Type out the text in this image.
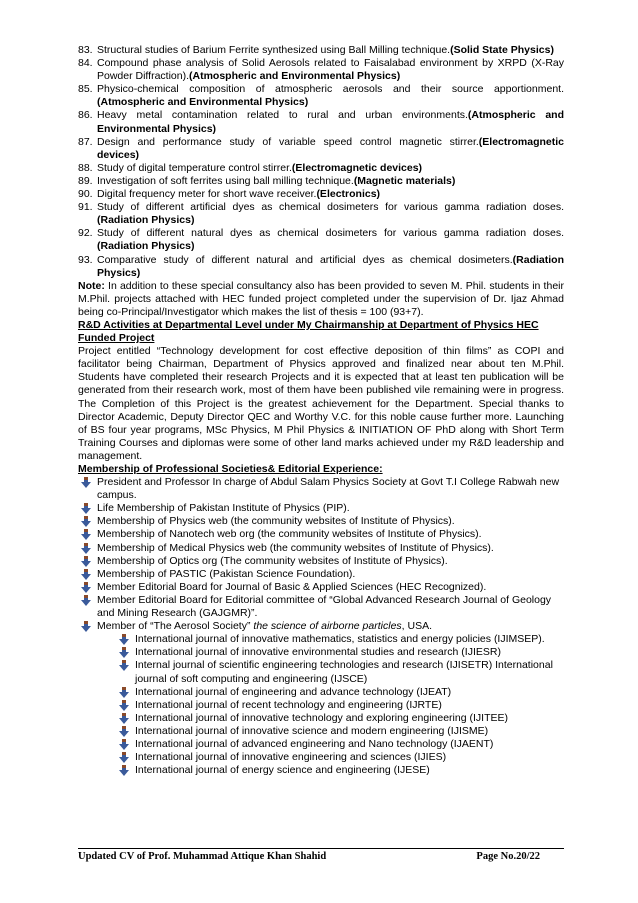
83. Structural studies of Barium Ferrite synthesized using Ball Milling technique.(Solid State Physics)
84. Compound phase analysis of Solid Aerosols related to Faisalabad environment by XRPD (X-Ray Powder Diffraction).(Atmospheric and Environmental Physics)
85. Physico-chemical composition of atmospheric aerosols and their source apportionment.(Atmospheric and Environmental Physics)
86. Heavy metal contamination related to rural and urban environments.(Atmospheric and Environmental Physics)
87. Design and performance study of variable speed control magnetic stirrer.(Electromagnetic devices)
88. Study of digital temperature control stirrer.(Electromagnetic devices)
89. Investigation of soft ferrites using ball milling technique.(Magnetic materials)
90. Digital frequency meter for short wave receiver.(Electronics)
91. Study of different artificial dyes as chemical dosimeters for various gamma radiation doses.(Radiation Physics)
92. Study of different natural dyes as chemical dosimeters for various gamma radiation doses.(Radiation Physics)
93. Comparative study of different natural and artificial dyes as chemical dosimeters.(Radiation Physics)

Note: In addition to these special consultancy also has been provided to seven M. Phil. students in their M.Phil. projects attached with HEC funded project completed under the supervision of Dr. Ijaz Ahmad being co-Principal/Investigator which makes the list of thesis = 100 (93+7).

R&D Activities at Departmental Level under My Chairmanship at Department of Physics HEC Funded Project

Project entitled “Technology development for cost effective deposition of thin films” as COPI and facilitator being Chairman, Department of Physics approved and finalized near about ten M.Phil. Students have completed their research Projects and it is expected that at least ten publication will be generated from their research work, most of them have been published vile remaining were in progress. The Completion of this Project is the greatest achievement for the Department. Special thanks to Director Academic, Deputy Director QEC and Worthy V.C. for this noble cause further more. Launching of BS four year programs, MSc Physics, M Phil Physics & INITIATION OF PhD along with Short Term Training Courses and diplomas were some of other land marks achieved under my R&D leadership and management.

Membership of Professional Societies& Editorial Experience:
President and Professor In charge of Abdul Salam Physics Society at Govt T.I College Rabwah new campus.
Life Membership of Pakistan Institute of Physics (PIP).
Membership of Physics web (the community websites of Institute of Physics).
Membership of Nanotech web org (the community websites of Institute of Physics).
Membership of Medical Physics web (the community websites of Institute of Physics).
Membership of Optics org (The community websites of Institute of Physics).
Membership of PASTIC (Pakistan Science Foundation).
Member Editorial Board for Journal of Basic & Applied Sciences (HEC Recognized).
Member Editorial Board for Editorial committee of “Global Advanced Research Journal of Geology and Mining Research (GAJGMR)”.
Member of “The Aerosol Society” the science of airborne particles, USA.
International journal of innovative mathematics, statistics and energy policies (IJIMSEP).
International journal of innovative environmental studies and research (IJIESR)
Internal journal of scientific engineering technologies and research (IJISETR) International journal of soft computing and engineering (IJSCE)
International journal of engineering and advance technology (IJEAT)
International journal of recent technology and engineering (IJRTE)
International journal of innovative technology and exploring engineering (IJITEE)
International journal of innovative science and modern engineering (IJISME)
International journal of advanced engineering and Nano technology (IJAENT)
International journal of innovative engineering and sciences (IJIES)
International journal of energy science and engineering (IJESE)
Updated CV of Prof. Muhammad Attique Khan Shahid	Page No.20/22
